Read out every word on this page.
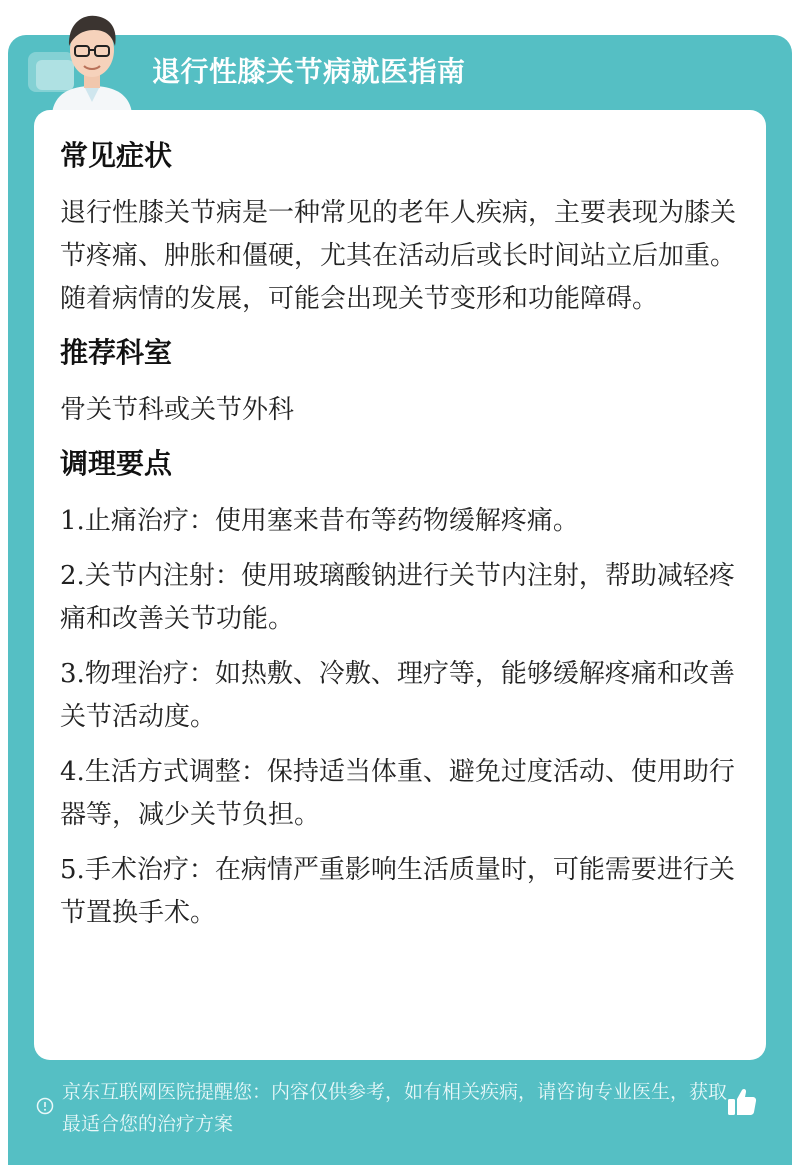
退行性膝关节病就医指南
常见症状
退行性膝关节病是一种常见的老年人疾病，主要表现为膝关节疼痛、肿胀和僵硬，尤其在活动后或长时间站立后加重。随着病情的发展，可能会出现关节变形和功能障碍。
推荐科室
骨关节科或关节外科
调理要点
1.止痛治疗：使用塞来昔布等药物缓解疼痛。
2.关节内注射：使用玻璃酸钠进行关节内注射，帮助减轻疼痛和改善关节功能。
3.物理治疗：如热敷、冷敷、理疗等，能够缓解疼痛和改善关节活动度。
4.生活方式调整：保持适当体重、避免过度活动、使用助行器等，减少关节负担。
5.手术治疗：在病情严重影响生活质量时，可能需要进行关节置换手术。
京东互联网医院提醒您：内容仅供参考，如有相关疾病，请咨询专业医生，获取最适合您的治疗方案
